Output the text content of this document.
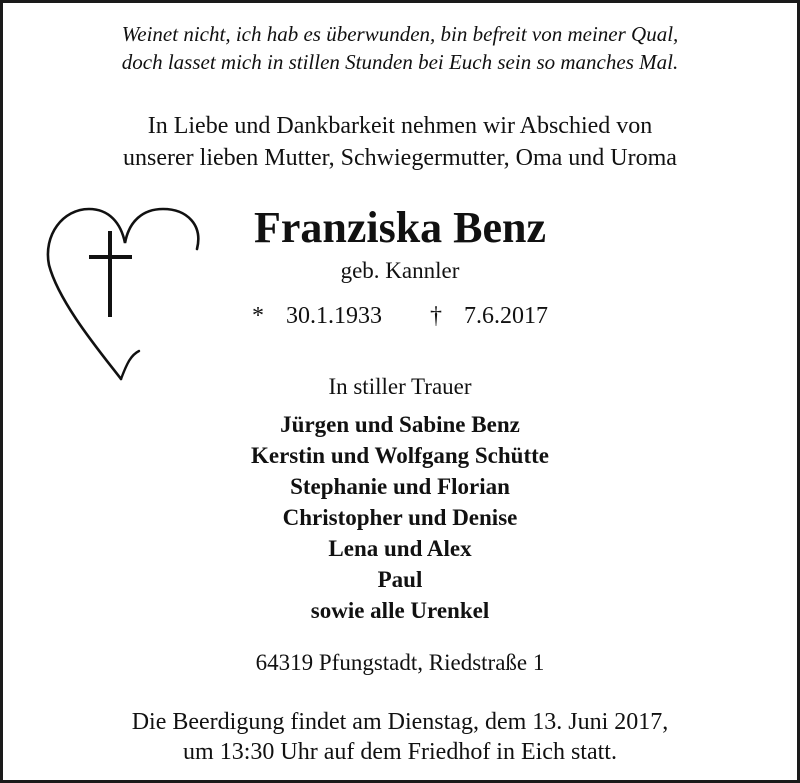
Weinet nicht, ich hab es überwunden, bin befreit von meiner Qual,
doch lasset mich in stillen Stunden bei Euch sein so manches Mal.
In Liebe und Dankbarkeit nehmen wir Abschied von
unserer lieben Mutter, Schwiegermutter, Oma und Uroma
Franziska Benz
geb. Kannler
* 30.1.1933 † 7.6.2017
In stiller Trauer
Jürgen und Sabine Benz
Kerstin und Wolfgang Schütte
Stephanie und Florian
Christopher und Denise
Lena und Alex
Paul
sowie alle Urenkel
64319 Pfungstadt, Riedstraße 1
Die Beerdigung findet am Dienstag, dem 13. Juni 2017,
um 13:30 Uhr auf dem Friedhof in Eich statt.
